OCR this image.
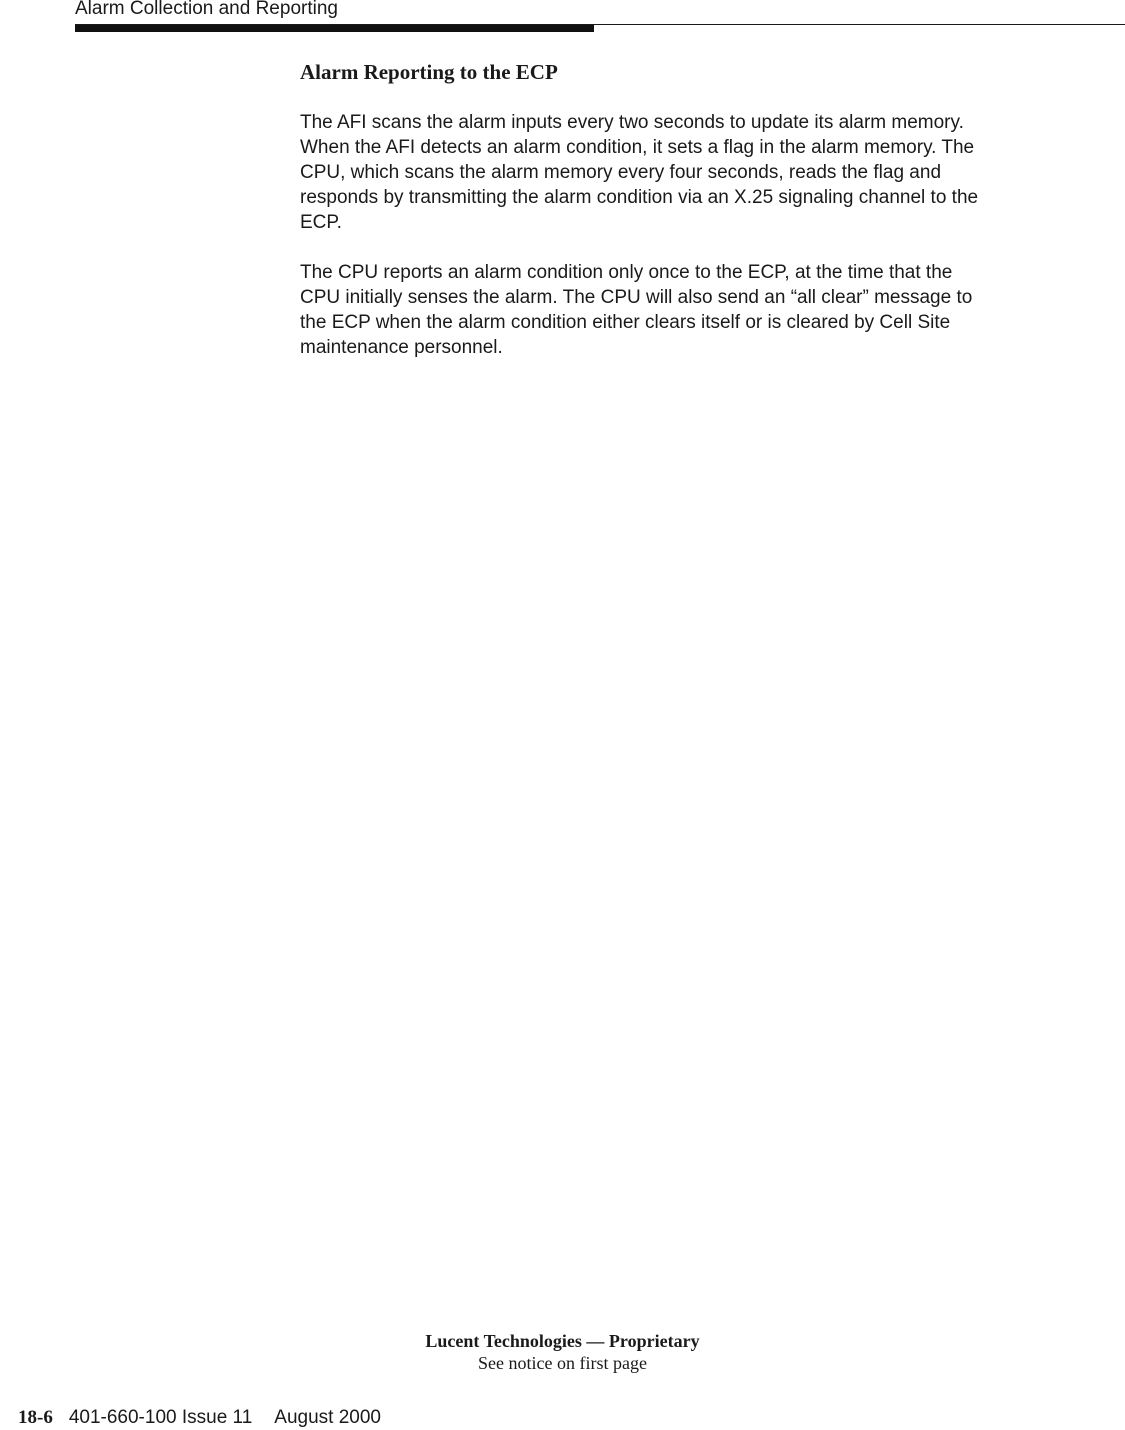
Alarm Collection and Reporting
Alarm Reporting to the ECP

The AFI scans the alarm inputs every two seconds to update its alarm memory.
When the AFI detects an alarm condition, it sets a flag in the alarm memory. The
CPU, which scans the alarm memory every four seconds, reads the flag and
responds by transmitting the alarm condition via an X.25 signaling channel to the
ECP.

The CPU reports an alarm condition only once to the ECP, at the time that the
CPU initially senses the alarm. The CPU will also send an “all clear” message to
the ECP when the alarm condition either clears itself or is cleared by Cell Site
maintenance personnel.

Lucent Technologies — Proprietary
See notice on first page
18-6 401-660-100 Issue 11 August 2000
